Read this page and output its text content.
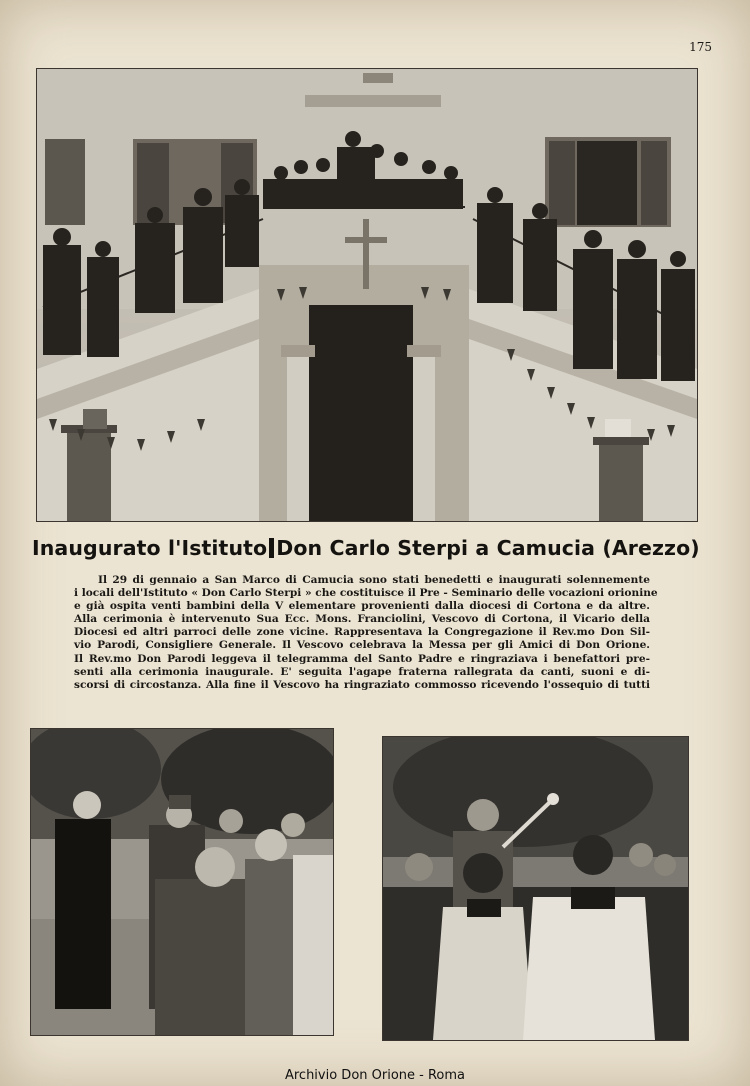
175
Inaugurato l'Istituto Don Carlo Sterpi a Camucia (Arezzo)
Il 29 di gennaio a San Marco di Camucia sono stati benedetti e inaugurati solennemente
i locali dell'Istituto « Don Carlo Sterpi » che costituisce il Pre - Seminario delle vocazioni orionine
e già ospita venti bambini della V elementare provenienti dalla diocesi di Cortona e da altre.
Alla cerimonia è intervenuto Sua Ecc. Mons. Franciolini, Vescovo di Cortona, il Vicario della
Diocesi ed altri parroci delle zone vicine. Rappresentava la Congregazione il Rev.mo Don Sil-
vio Parodi, Consigliere Generale. Il Vescovo celebrava la Messa per gli Amici di Don Orione.
Il Rev.mo Don Parodi leggeva il telegramma del Santo Padre e ringraziava i benefattori pre-
senti alla cerimonia inaugurale. E' seguita l'agape fraterna rallegrata da canti, suoni e di-
scorsi di circostanza. Alla fine il Vescovo ha ringraziato commosso ricevendo l'ossequio di tutti
Archivio Don Orione - Roma
